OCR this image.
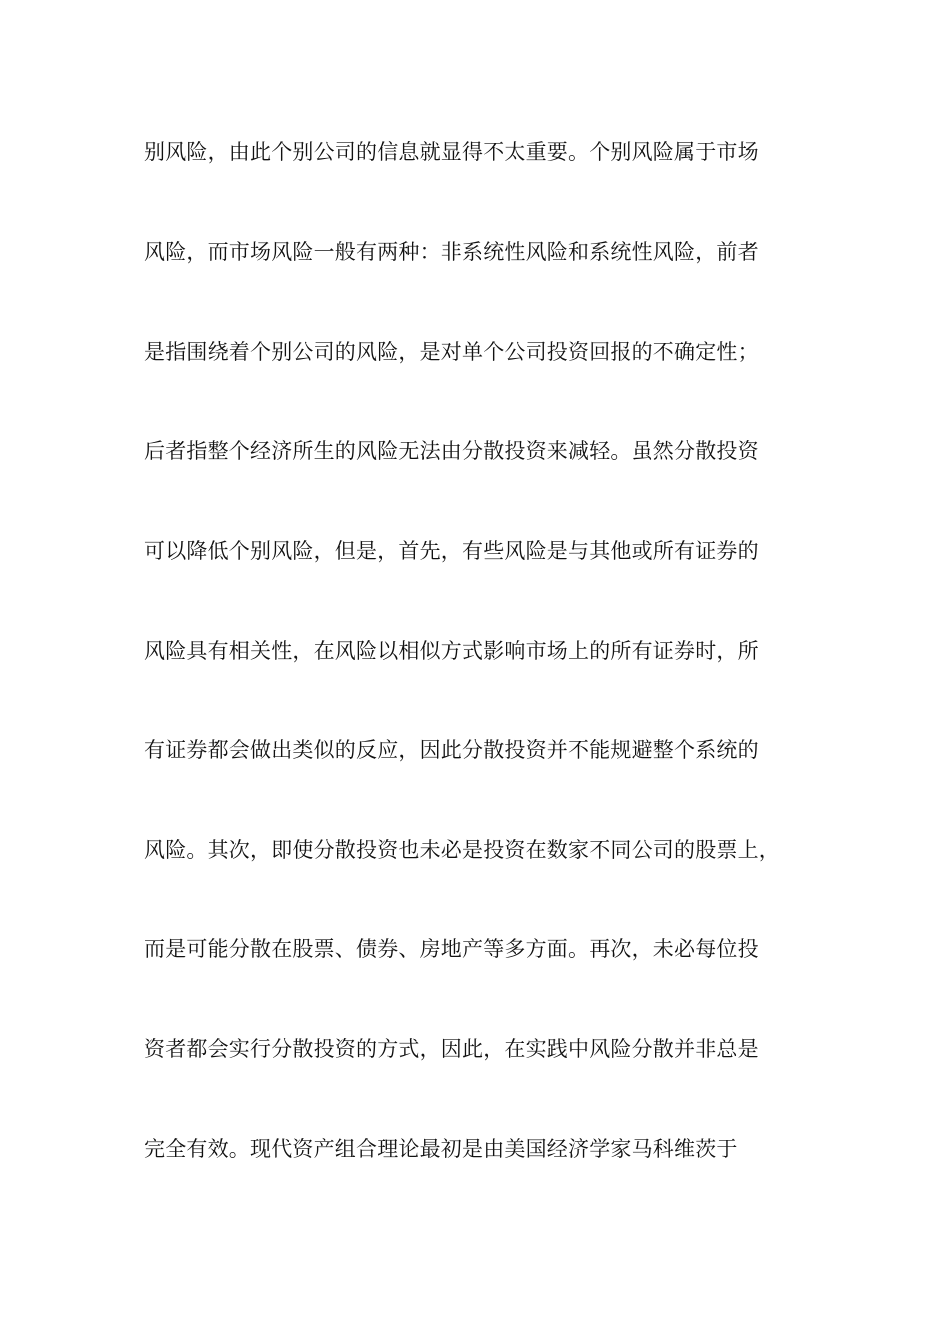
别风险，由此个别公司的信息就显得不太重要。个别风险属于市场
风险，而市场风险一般有两种：非系统性风险和系统性风险，前者
是指围绕着个别公司的风险，是对单个公司投资回报的不确定性；
后者指整个经济所生的风险无法由分散投资来减轻。虽然分散投资
可以降低个别风险，但是，首先，有些风险是与其他或所有证券的
风险具有相关性，在风险以相似方式影响市场上的所有证券时，所
有证券都会做出类似的反应，因此分散投资并不能规避整个系统的
风险。其次，即使分散投资也未必是投资在数家不同公司的股票上，
而是可能分散在股票、债券、房地产等多方面。再次，未必每位投
资者都会实行分散投资的方式，因此，在实践中风险分散并非总是
完全有效。现代资产组合理论最初是由美国经济学家马科维茨于
